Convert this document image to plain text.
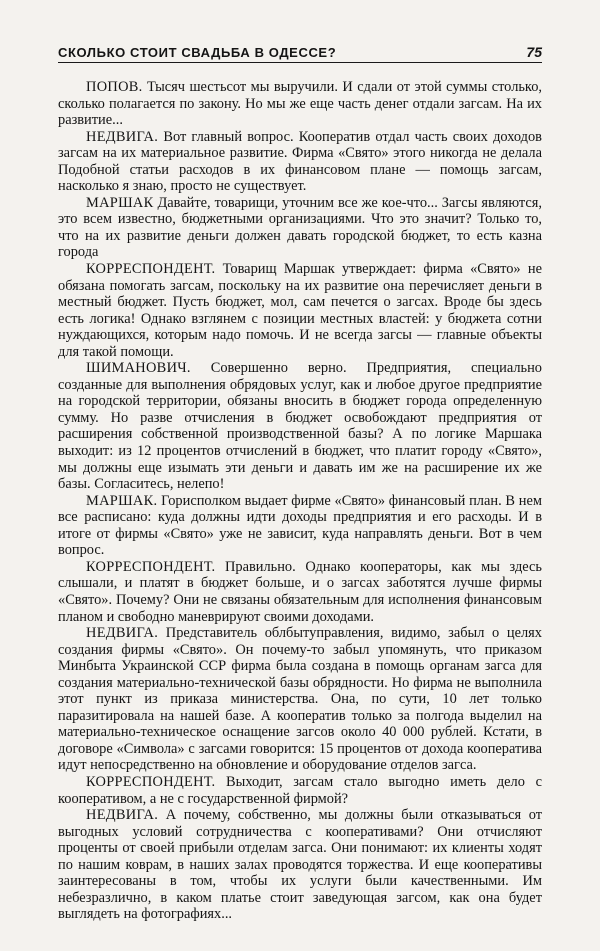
СКОЛЬКО СТОИТ СВАДЬБА В ОДЕССЕ?	75

ПОПОВ. Тысяч шестьсот мы выручили. И сдали от этой суммы столько, сколько полагается по закону. Но мы же еще часть денег отдали загсам. На их развитие...

НЕДВИГА. Вот главный вопрос. Кооператив отдал часть своих доходов загсам на их материальное развитие. Фирма «Свято» этого никогда не делала Подобной статьи расходов в их финансовом плане — помощь загсам, насколько я знаю, просто не существует.

МАРШАК Давайте, товарищи, уточним все же кое-что... Загсы являются, это всем известно, бюджетными организациями. Что это значит? Только то, что на их развитие деньги должен давать городской бюджет, то есть казна города

КОРРЕСПОНДЕНТ. Товарищ Маршак утверждает: фирма «Свято» не обязана помогать загсам, поскольку на их развитие она перечисляет деньги в местный бюджет. Пусть бюджет, мол, сам печется о загсах. Вроде бы здесь есть логика! Однако взглянем с позиции местных властей: у бюджета сотни нуждающихся, которым надо помочь. И не всегда загсы — главные объекты для такой помощи.

ШИМАНОВИЧ. Совершенно верно. Предприятия, специально созданные для выполнения обрядовых услуг, как и любое другое предприятие на городской территории, обязаны вносить в бюджет города определенную сумму. Но разве отчисления в бюджет освобождают предприятия от расширения собственной производственной базы? А по логике Маршака выходит: из 12 процентов отчислений в бюджет, что платит городу «Свято», мы должны еще изымать эти деньги и давать им же на расширение их же базы. Согласитесь, нелепо!

МАРШАК. Горисполком выдает фирме «Свято» финансовый план. В нем все расписано: куда должны идти доходы предприятия и его расходы. И в итоге от фирмы «Свято» уже не зависит, куда направлять деньги. Вот в чем вопрос.

КОРРЕСПОНДЕНТ. Правильно. Однако кооператоры, как мы здесь слышали, и платят в бюджет больше, и о загсах заботятся лучше фирмы «Свято». Почему? Они не связаны обязательным для исполнения финансовым планом и свободно маневрируют своими доходами.

НЕДВИГА. Представитель облбытуправления, видимо, забыл о целях создания фирмы «Свято». Он почему-то забыл упомянуть, что приказом Минбыта Украинской ССР фирма была создана в помощь органам загса для создания материально-технической базы обрядности. Но фирма не выполнила этот пункт из приказа министерства. Она, по сути, 10 лет только паразитировала на нашей базе. А кооператив только за полгода выделил на материально-техническое оснащение загсов около 40 000 рублей. Кстати, в договоре «Символа» с загсами говорится: 15 процентов от дохода кооператива идут непосредственно на обновление и оборудование отделов загса.

КОРРЕСПОНДЕНТ. Выходит, загсам стало выгодно иметь дело с кооперативом, а не с государственной фирмой?

НЕДВИГА. А почему, собственно, мы должны были отказываться от выгодных условий сотрудничества с кооперативами? Они отчисляют проценты от своей прибыли отделам загса. Они понимают: их клиенты ходят по нашим коврам, в наших залах проводятся торжества. И еще кооперативы заинтересованы в том, чтобы их услуги были качественными. Им небезразлично, в каком платье стоит заведующая загсом, как она будет выглядеть на фотографиях...
